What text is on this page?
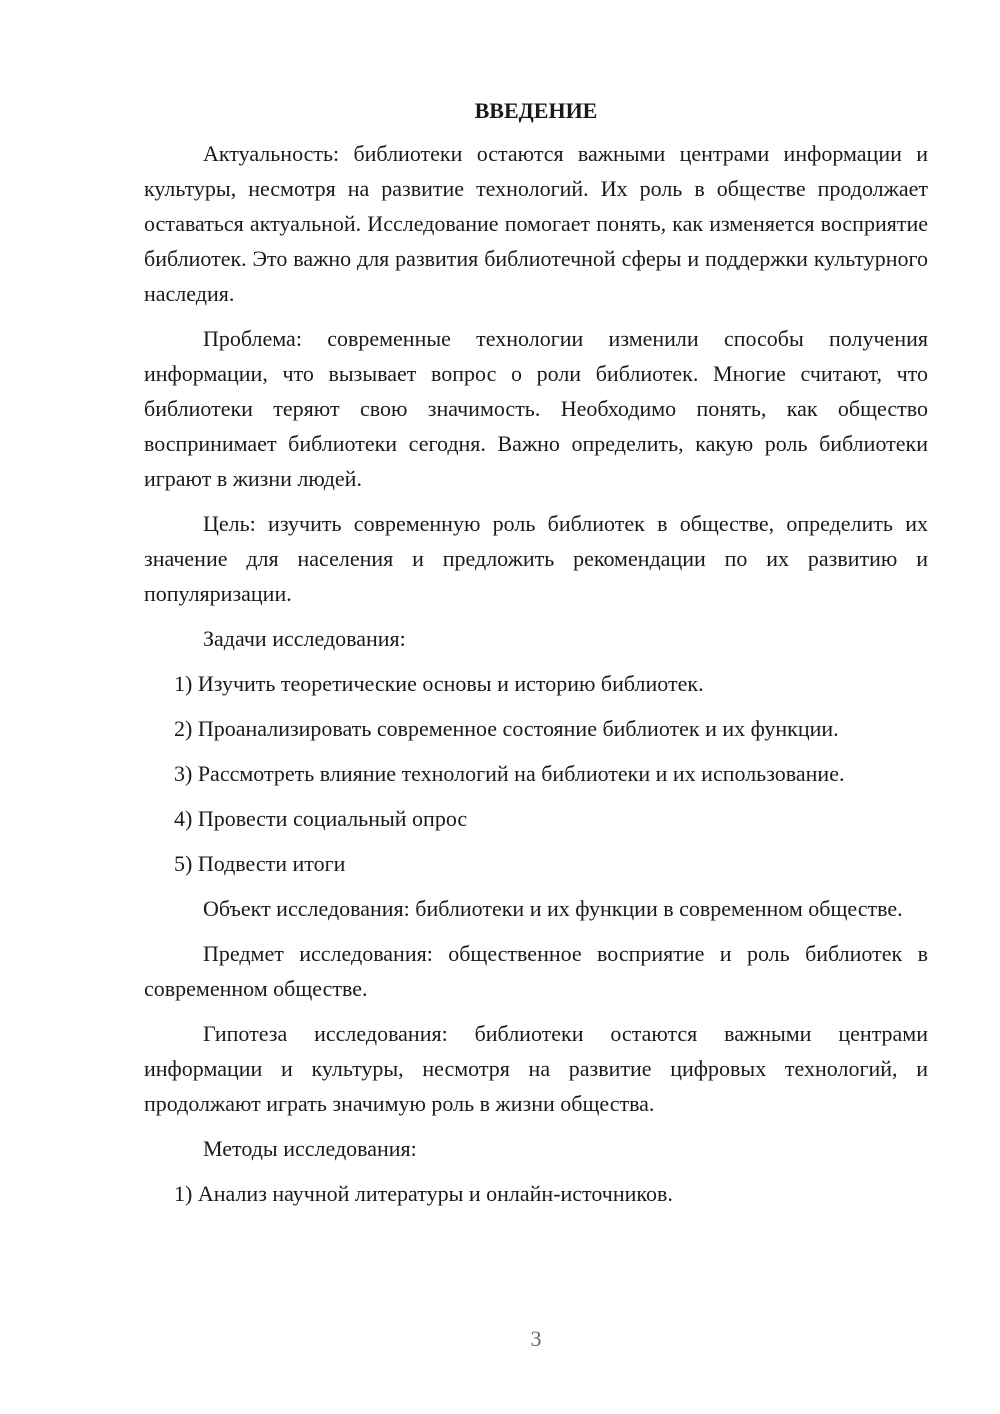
ВВЕДЕНИЕ

Актуальность: библиотеки остаются важными центрами информации и культуры, несмотря на развитие технологий. Их роль в обществе продолжает оставаться актуальной. Исследование помогает понять, как изменяется восприятие библиотек. Это важно для развития библиотечной сферы и поддержки культурного наследия.

Проблема: современные технологии изменили способы получения информации, что вызывает вопрос о роли библиотек. Многие считают, что библиотеки теряют свою значимость. Необходимо понять, как общество воспринимает библиотеки сегодня. Важно определить, какую роль библиотеки играют в жизни людей.

Цель: изучить современную роль библиотек в обществе, определить их значение для населения и предложить рекомендации по их развитию и популяризации.

Задачи исследования:

1) Изучить теоретические основы и историю библиотек.

2) Проанализировать современное состояние библиотек и их функции.

3) Рассмотреть влияние технологий на библиотеки и их использование.

4) Провести социальный опрос

5) Подвести итоги

Объект исследования: библиотеки и их функции в современном обществе.

Предмет исследования: общественное восприятие и роль библиотек в современном обществе.

Гипотеза исследования: библиотеки остаются важными центрами информации и культуры, несмотря на развитие цифровых технологий, и продолжают играть значимую роль в жизни общества.

Методы исследования:

1) Анализ научной литературы и онлайн-источников.

3
